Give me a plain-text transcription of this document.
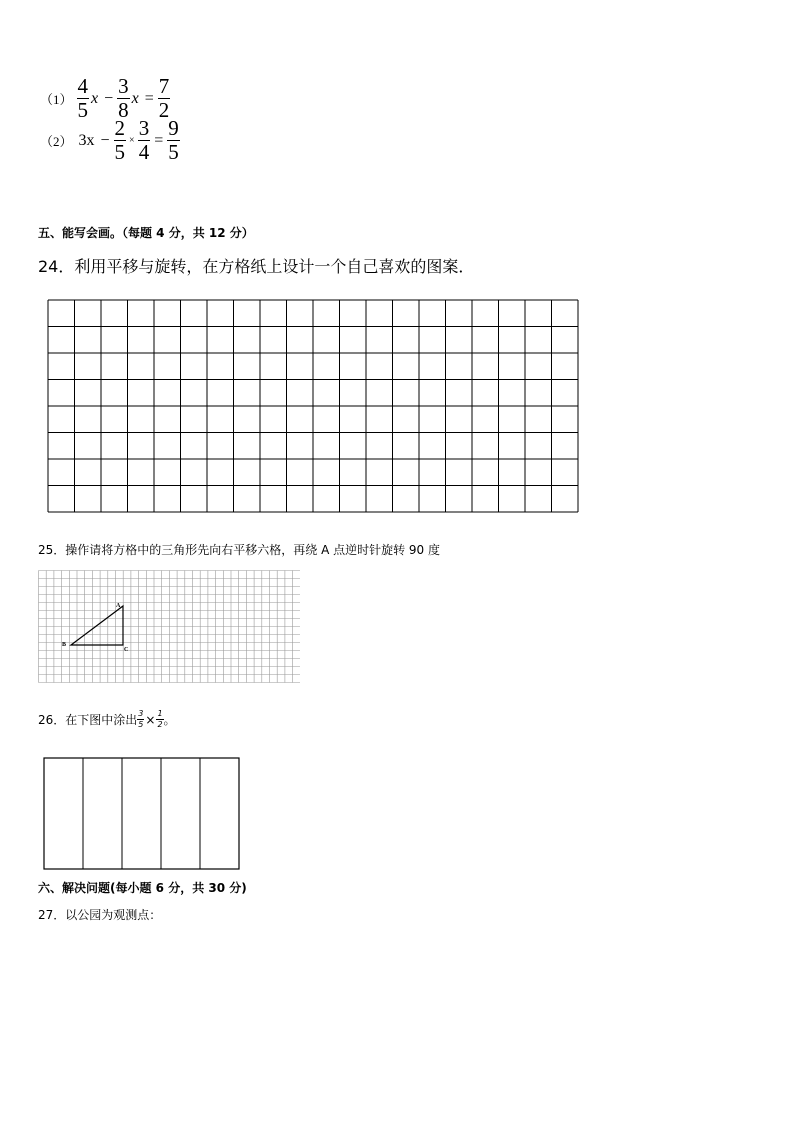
$(1) \frac{4}{5}$ $x - \frac{3}{8}$ $x = \frac{7}{2}$
（2） $3x - \frac{2}{5} \times \frac{3}{4} = \frac{9}{5}$
五、能写会画。（每题 4 分，共 12 分）
24．利用平移与旋转，在方格纸上设计一个自己喜欢的图案．
25．操作请将方格中的三角形先向右平移六格，再绕 A 点逆时针旋转 90 度
A
B
C
26．在下图中涂出 $\frac{3}{5} \times \frac{1}{2}$ 。
六、解决问题(每小题 6 分，共 30 分)
27．以公园为观测点：
